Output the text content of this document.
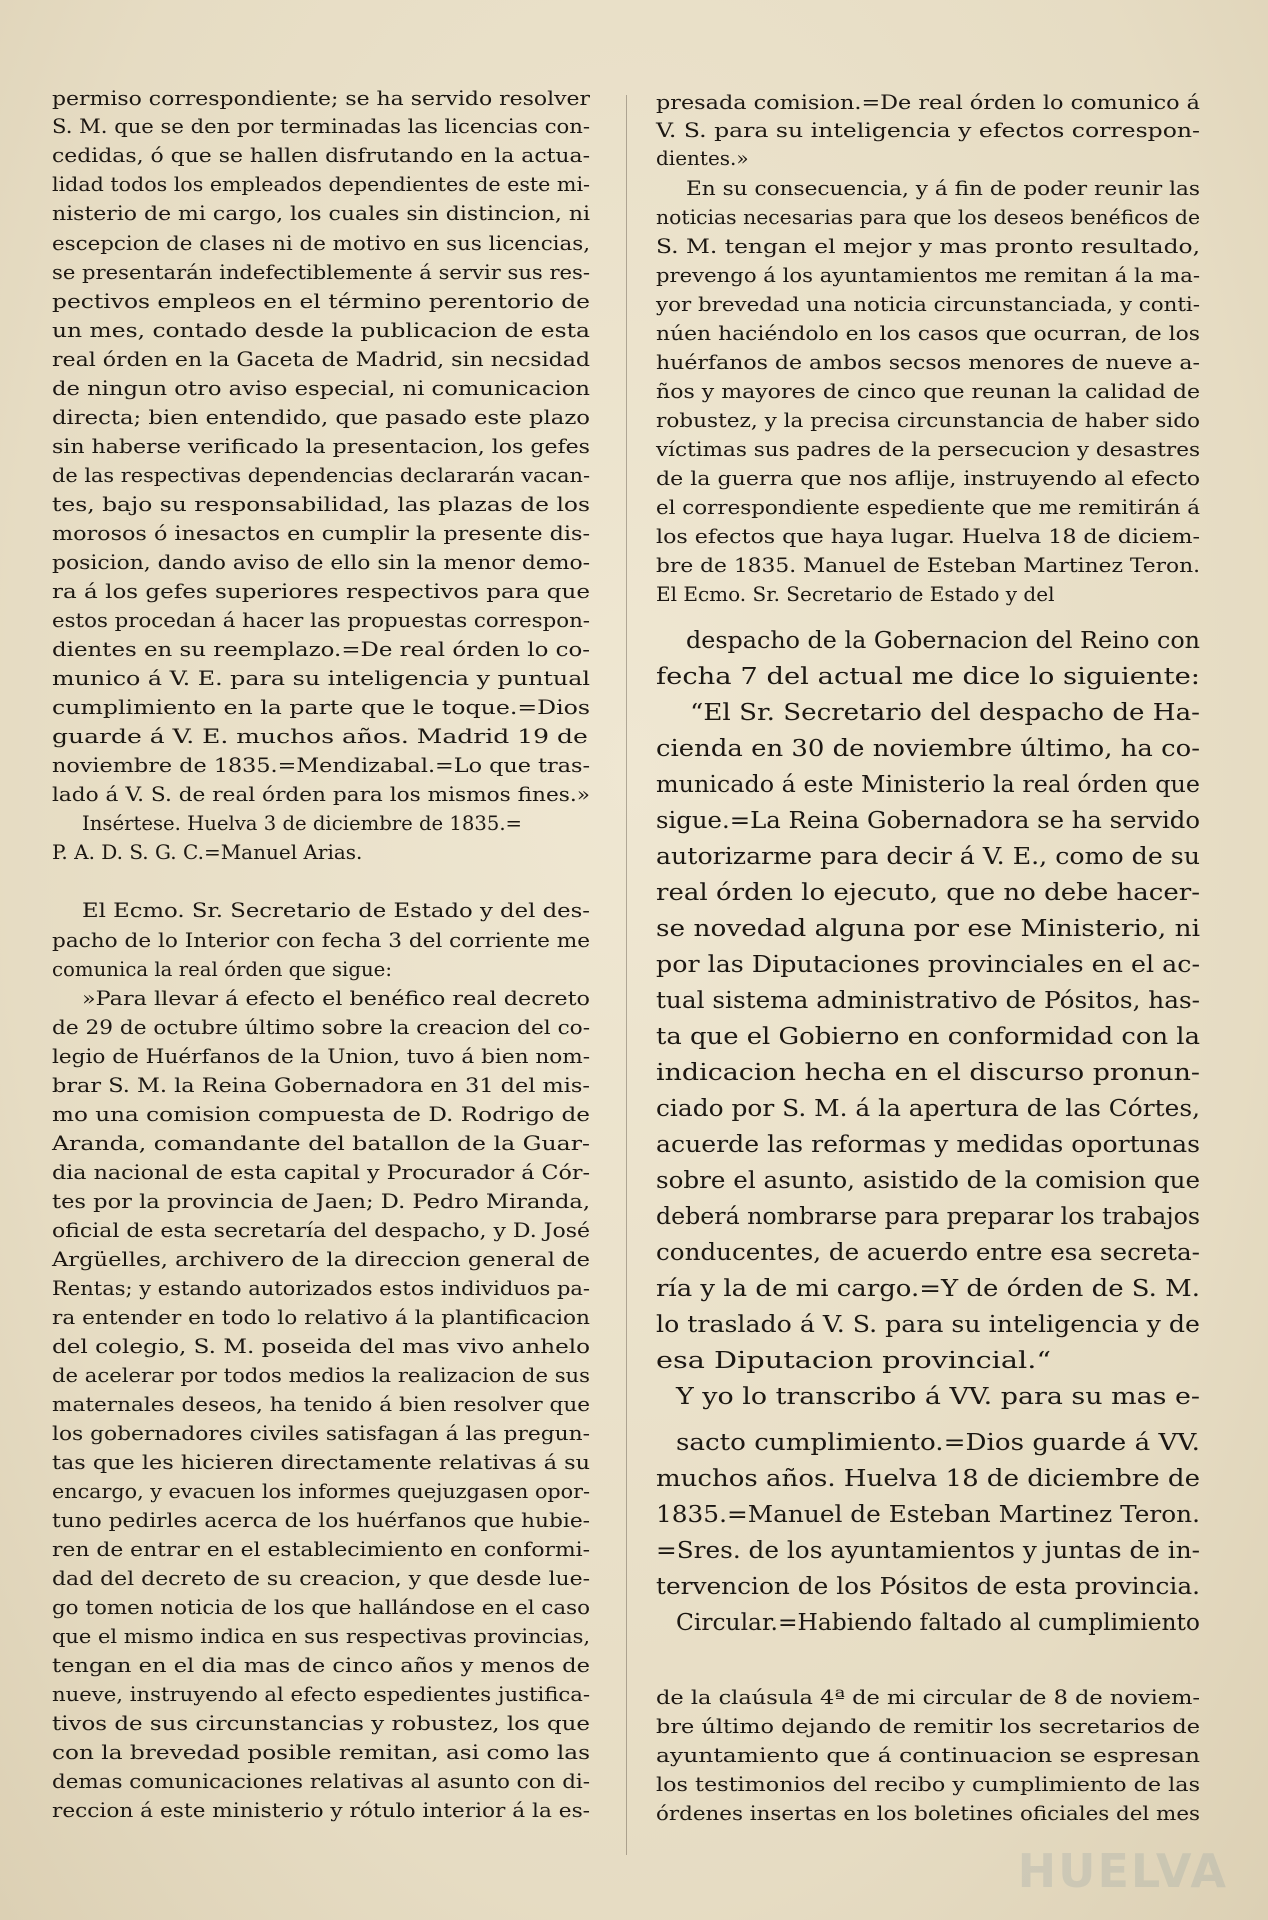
permiso correspondiente; se ha servido resolver

S. M. que se den por terminadas las licencias con-

cedidas, ó que se hallen disfrutando en la actua-

lidad todos los empleados dependientes de este mi-

nisterio de mi cargo, los cuales sin distincion, ni

escepcion de clases ni de motivo en sus licencias,

se presentarán indefectiblemente á servir sus res-

pectivos empleos en el término perentorio de

un mes, contado desde la publicacion de esta

real órden en la Gaceta de Madrid, sin necsidad

de ningun otro aviso especial, ni comunicacion

directa; bien entendido, que pasado este plazo

sin haberse verificado la presentacion, los gefes

de las respectivas dependencias declararán vacan-

tes, bajo su responsabilidad, las plazas de los

morosos ó inesactos en cumplir la presente dis-

posicion, dando aviso de ello sin la menor demo-

ra á los gefes superiores respectivos para que

estos procedan á hacer las propuestas correspon-

dientes en su reemplazo.=De real órden lo co-

munico á V. E. para su inteligencia y puntual

cumplimiento en la parte que le toque.=Dios

guarde á V. E. muchos años. Madrid 19 de

noviembre de 1835.=Mendizabal.=Lo que tras-

lado á V. S. de real órden para los mismos fines.»

Insértese. Huelva 3 de diciembre de 1835.=

P. A. D. S. G. C.=Manuel Arias.

El Ecmo. Sr. Secretario de Estado y del des-

pacho de lo Interior con fecha 3 del corriente me

comunica la real órden que sigue:

»Para llevar á efecto el benéfico real decreto

de 29 de octubre último sobre la creacion del co-

legio de Huérfanos de la Union, tuvo á bien nom-

brar S. M. la Reina Gobernadora en 31 del mis-

mo una comision compuesta de D. Rodrigo de

Aranda, comandante del batallon de la Guar-

dia nacional de esta capital y Procurador á Cór-

tes por la provincia de Jaen; D. Pedro Miranda,

oficial de esta secretaría del despacho, y D. José

Argüelles, archivero de la direccion general de

Rentas; y estando autorizados estos individuos pa-

ra entender en todo lo relativo á la plantificacion

del colegio, S. M. poseida del mas vivo anhelo

de acelerar por todos medios la realizacion de sus

maternales deseos, ha tenido á bien resolver que

los gobernadores civiles satisfagan á las pregun-

tas que les hicieren directamente relativas á su

encargo, y evacuen los informes quejuzgasen opor-

tuno pedirles acerca de los huérfanos que hubie-

ren de entrar en el establecimiento en conformi-

dad del decreto de su creacion, y que desde lue-

go tomen noticia de los que hallándose en el caso

que el mismo indica en sus respectivas provincias,

tengan en el dia mas de cinco años y menos de

nueve, instruyendo al efecto espedientes justifica-

tivos de sus circunstancias y robustez, los que

con la brevedad posible remitan, asi como las

demas comunicaciones relativas al asunto con di-

reccion á este ministerio y rótulo interior á la es-

presada comision.=De real órden lo comunico á

V. S. para su inteligencia y efectos correspon-

dientes.»

En su consecuencia, y á fin de poder reunir las

noticias necesarias para que los deseos benéficos de

S. M. tengan el mejor y mas pronto resultado,

prevengo á los ayuntamientos me remitan á la ma-

yor brevedad una noticia circunstanciada, y conti-

núen haciéndolo en los casos que ocurran, de los

huérfanos de ambos secsos menores de nueve a-

ños y mayores de cinco que reunan la calidad de

robustez, y la precisa circunstancia de haber sido

víctimas sus padres de la persecucion y desastres

de la guerra que nos aflije, instruyendo al efecto

el correspondiente espediente que me remitirán á

los efectos que haya lugar. Huelva 18 de diciem-

bre de 1835. Manuel de Esteban Martinez Teron.

El Ecmo. Sr. Secretario de Estado y del

despacho de la Gobernacion del Reino con

fecha 7 del actual me dice lo siguiente:

“El Sr. Secretario del despacho de Ha-

cienda en 30 de noviembre último, ha co-

municado á este Ministerio la real órden que

sigue.=La Reina Gobernadora se ha servido

autorizarme para decir á V. E., como de su

real órden lo ejecuto, que no debe hacer-

se novedad alguna por ese Ministerio, ni

por las Diputaciones provinciales en el ac-

tual sistema administrativo de Pósitos, has-

ta que el Gobierno en conformidad con la

indicacion hecha en el discurso pronun-

ciado por S. M. á la apertura de las Córtes,

acuerde las reformas y medidas oportunas

sobre el asunto, asistido de la comision que

deberá nombrarse para preparar los trabajos

conducentes, de acuerdo entre esa secreta-

ría y la de mi cargo.=Y de órden de S. M.

lo traslado á V. S. para su inteligencia y de

esa Diputacion provincial.“

Y yo lo transcribo á VV. para su mas e-

sacto cumplimiento.=Dios guarde á VV.

muchos años. Huelva 18 de diciembre de

1835.=Manuel de Esteban Martinez Teron.

=Sres. de los ayuntamientos y juntas de in-

tervencion de los Pósitos de esta provincia.

Circular.=Habiendo faltado al cumplimiento

de la claúsula 4ª de mi circular de 8 de noviem-

bre último dejando de remitir los secretarios de

ayuntamiento que á continuacion se espresan

los testimonios del recibo y cumplimiento de las

órdenes insertas en los boletines oficiales del mes

HUELVA
